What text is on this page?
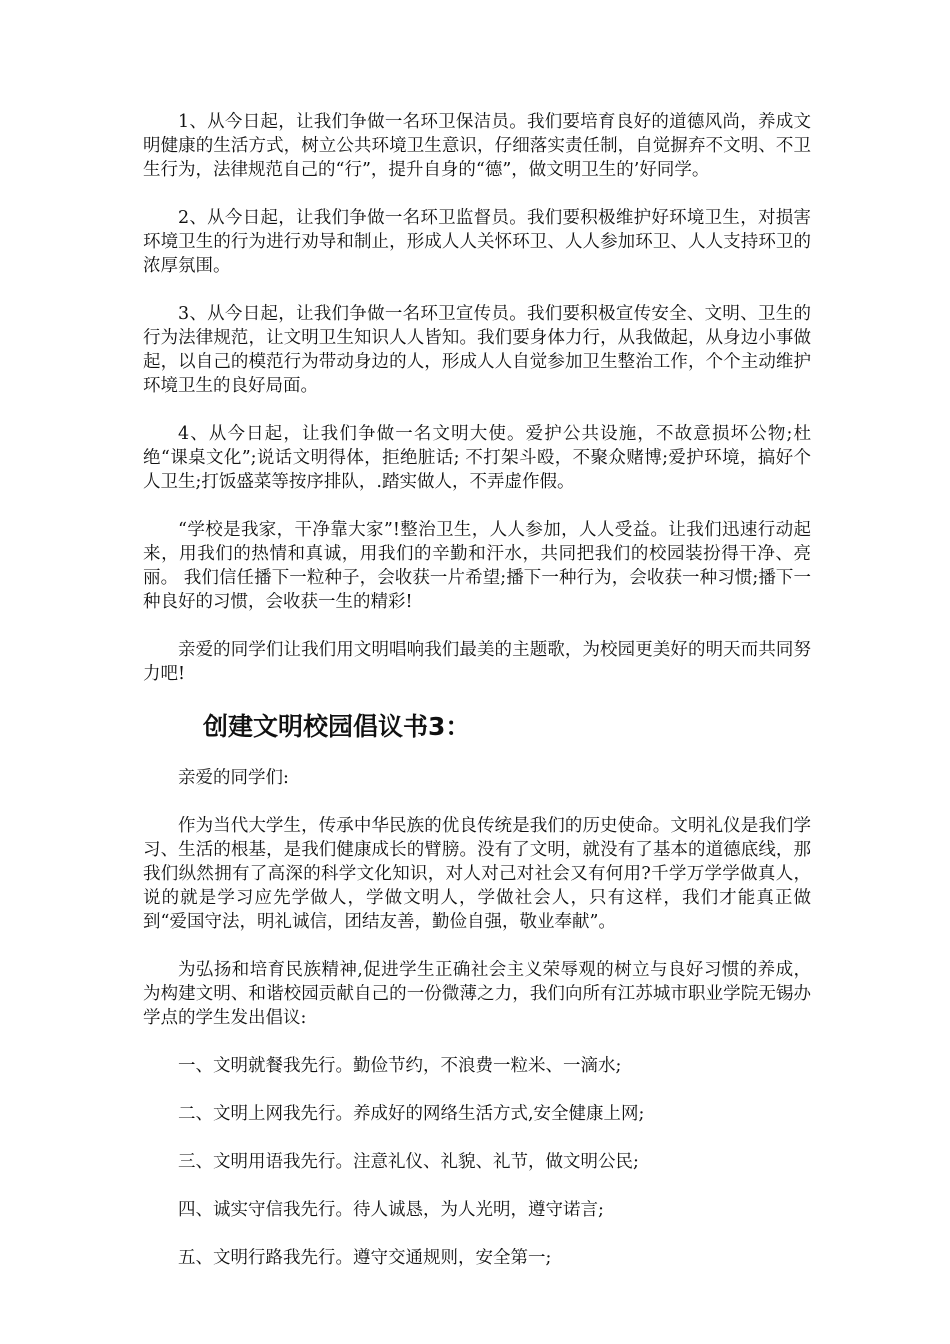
1、从今日起，让我们争做一名环卫保洁员。我们要培育良好的道德风尚，养成文明健康的生活方式，树立公共环境卫生意识，仔细落实责任制，自觉摒弃不文明、不卫生行为，法律规范自己的“行”，提升自身的“德”，做文明卫生的’好同学。

2、从今日起，让我们争做一名环卫监督员。我们要积极维护好环境卫生，对损害环境卫生的行为进行劝导和制止，形成人人关怀环卫、人人参加环卫、人人支持环卫的浓厚氛围。

3、从今日起，让我们争做一名环卫宣传员。我们要积极宣传安全、文明、卫生的行为法律规范，让文明卫生知识人人皆知。我们要身体力行，从我做起，从身边小事做起，以自己的模范行为带动身边的人，形成人人自觉参加卫生整治工作，个个主动维护环境卫生的良好局面。

4、从今日起，让我们争做一名文明大使。爱护公共设施，不故意损坏公物;杜绝“课桌文化”;说话文明得体，拒绝脏话; 不打架斗殴，不聚众赌博;爱护环境，搞好个人卫生;打饭盛菜等按序排队，.踏实做人，不弄虚作假。

“学校是我家，干净靠大家”!整治卫生，人人参加，人人受益。让我们迅速行动起来，用我们的热情和真诚，用我们的辛勤和汗水，共同把我们的校园装扮得干净、亮丽。 我们信任播下一粒种子，会收获一片希望;播下一种行为，会收获一种习惯;播下一种良好的习惯，会收获一生的精彩!

亲爱的同学们让我们用文明唱响我们最美的主题歌，为校园更美好的明天而共同努力吧!

创建文明校园倡议书3：

亲爱的同学们:

作为当代大学生，传承中华民族的优良传统是我们的历史使命。文明礼仪是我们学习、生活的根基，是我们健康成长的臂膀。没有了文明，就没有了基本的道德底线，那我们纵然拥有了高深的科学文化知识，对人对己对社会又有何用?千学万学学做真人，说的就是学习应先学做人，学做文明人，学做社会人，只有这样，我们才能真正做到“爱国守法，明礼诚信，团结友善，勤俭自强，敬业奉献”。

为弘扬和培育民族精神,促进学生正确社会主义荣辱观的树立与良好习惯的养成，为构建文明、和谐校园贡献自己的一份微薄之力，我们向所有江苏城市职业学院无锡办学点的学生发出倡议:

一、文明就餐我先行。勤俭节约，不浪费一粒米、一滴水;

二、文明上网我先行。养成好的网络生活方式,安全健康上网;

三、文明用语我先行。注意礼仪、礼貌、礼节，做文明公民;

四、诚实守信我先行。待人诚恳，为人光明，遵守诺言;

五、文明行路我先行。遵守交通规则，安全第一;
